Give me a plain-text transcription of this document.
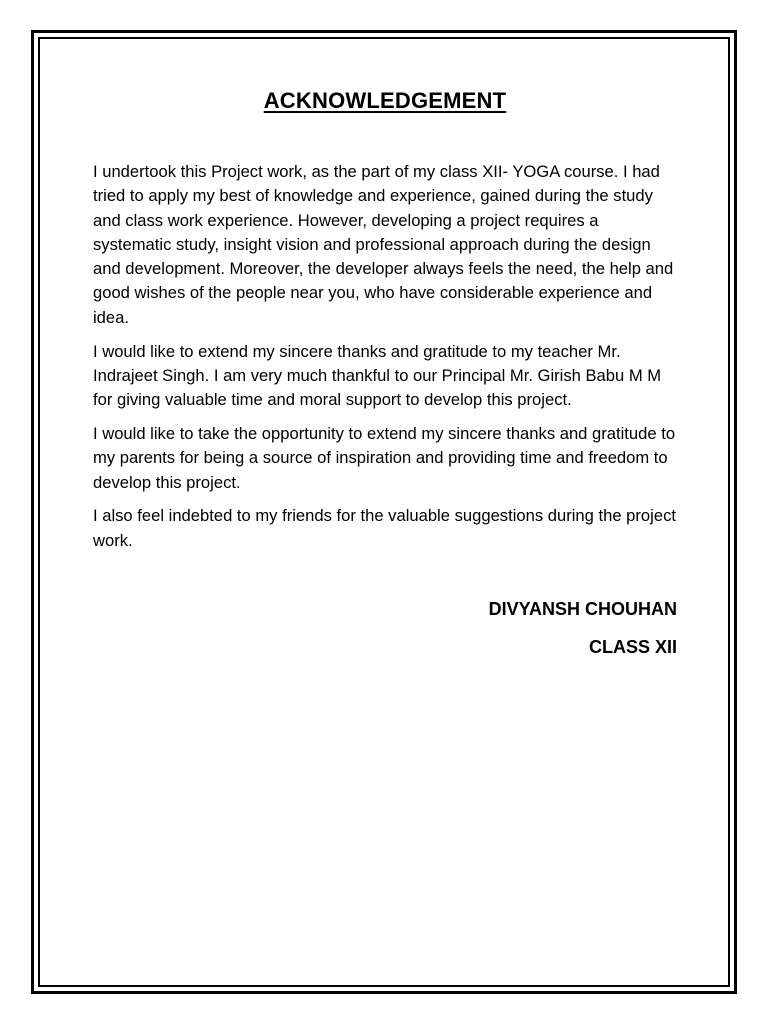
ACKNOWLEDGEMENT

I undertook this Project work, as the part of my class XII- YOGA course. I had tried to apply my best of knowledge and experience, gained during the study and class work experience. However, developing a project requires a systematic study, insight vision and professional approach during the design and development. Moreover, the developer always feels the need, the help and good wishes of the people near you, who have considerable experience and idea.

I would like to extend my sincere thanks and gratitude to my teacher Mr. Indrajeet Singh. I am very much thankful to our Principal Mr. Girish Babu M M for giving valuable time and moral support to develop this project.

I would like to take the opportunity to extend my sincere thanks and gratitude to my parents for being a source of inspiration and providing time and freedom to develop this project.

I also feel indebted to my friends for the valuable suggestions during the project work.

DIVYANSH CHOUHAN

CLASS XII
